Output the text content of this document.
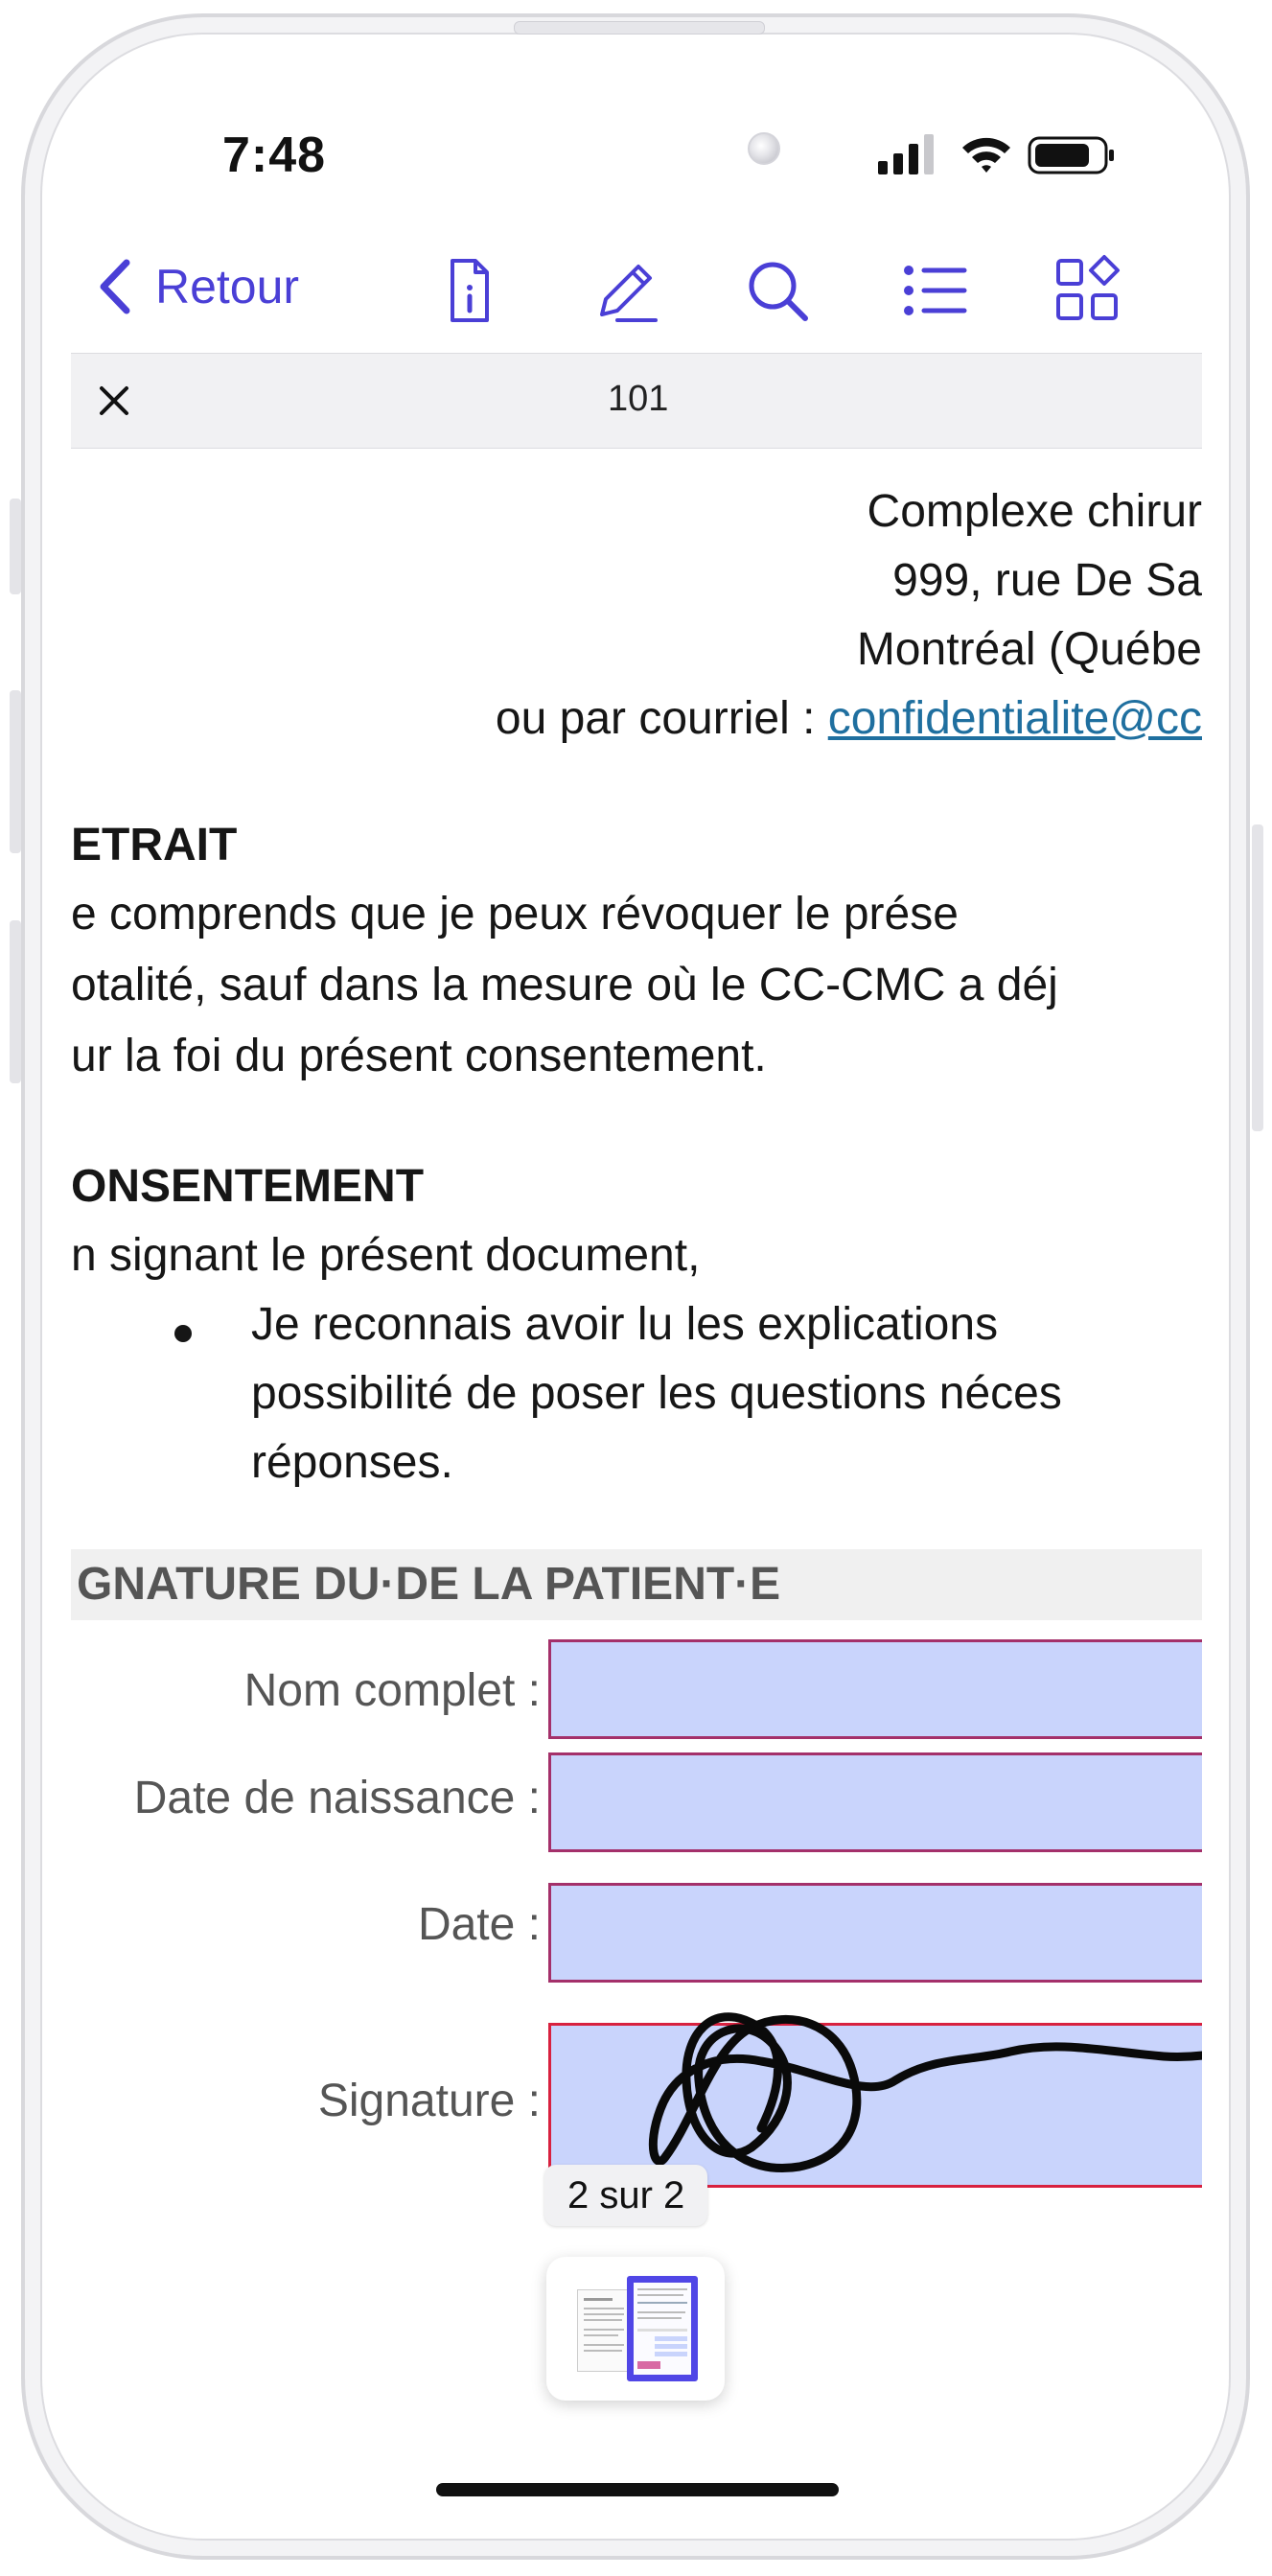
7:48
Retour
101
Complexe chirur
999, rue De Sa
Montréal (Québe
ou par courriel : confidentialite@cc
ETRAIT
e comprends que je peux révoquer le prése
otalité, sauf dans la mesure où le CC-CMC a déj
ur la foi du présent consentement.
ONSENTEMENT
n signant le présent document,
Je reconnais avoir lu les explications
possibilité de poser les questions néces
réponses.
GNATURE DU·DE LA PATIENT·E
Nom complet :
Date de naissance :
Date :
Signature :
2 sur 2
